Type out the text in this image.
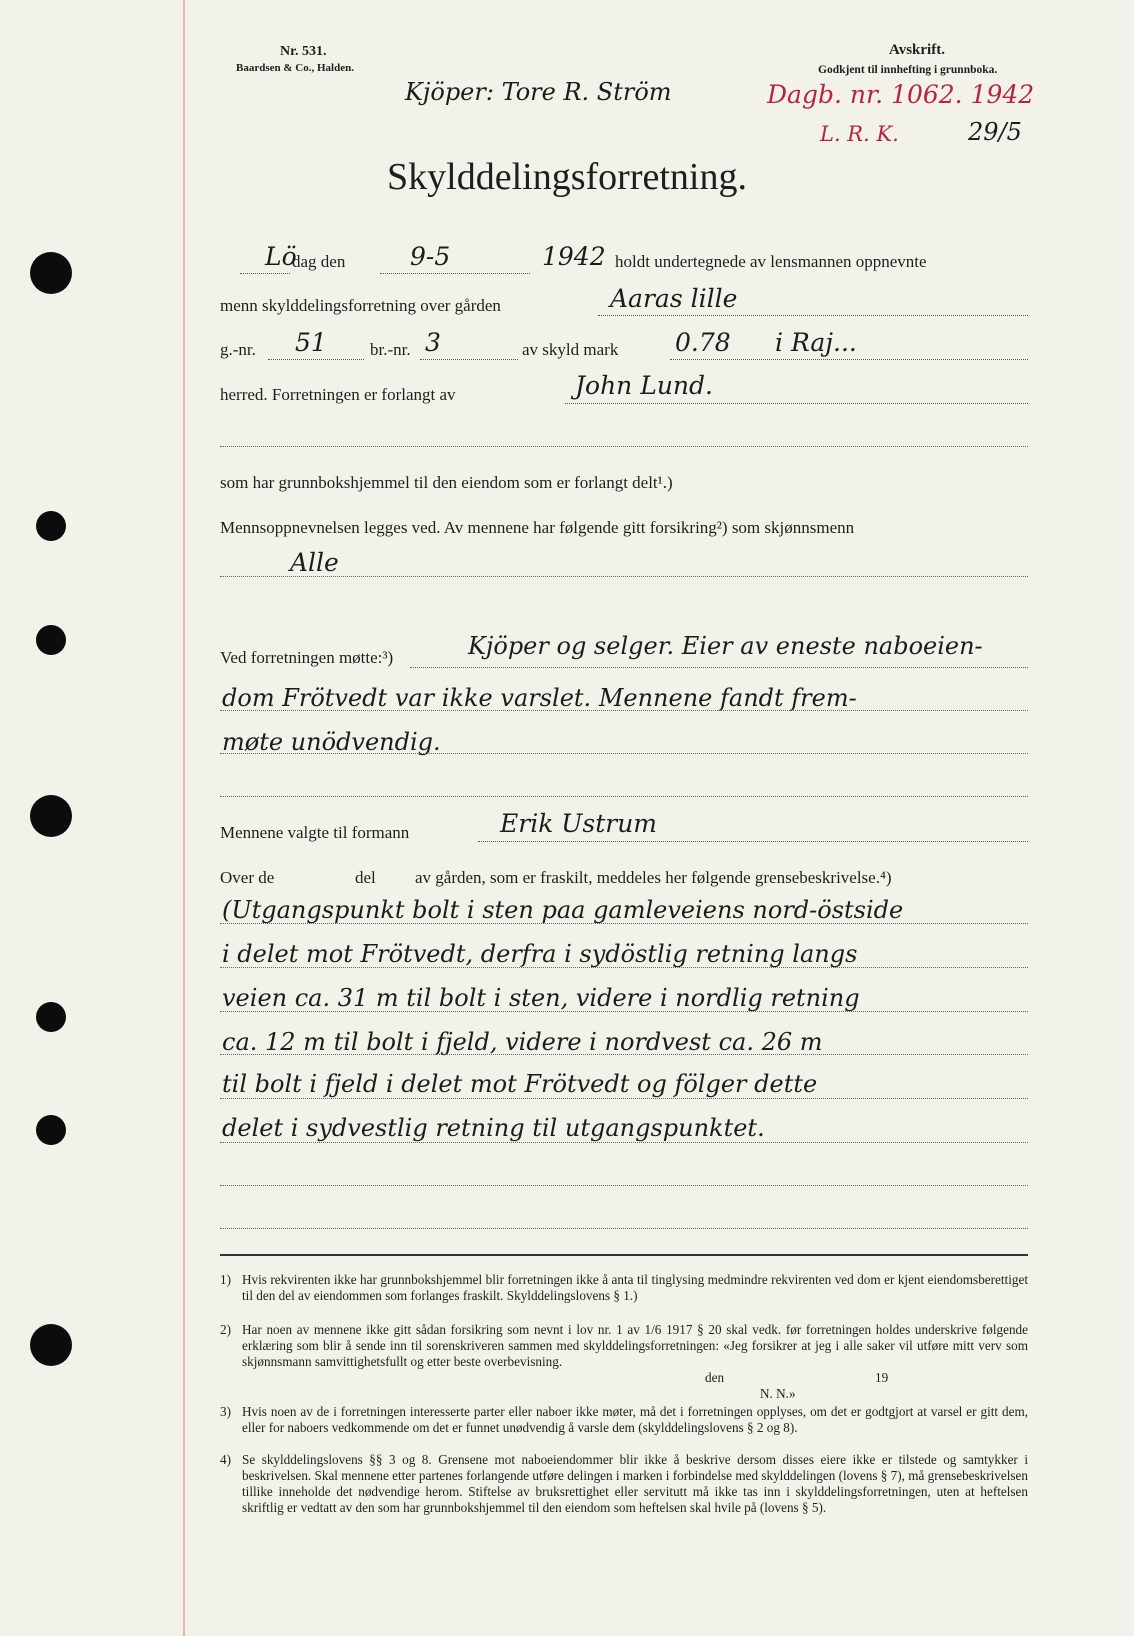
Nr. 531.
Baardsen & Co., Halden.
Avskrift.
Godkjent til innhefting i grunnboka.
Kjöper: Tore R. Ström	Dagb. nr. 1062. 1942
L. R. K.	29/5
Skylddelingsforretning.
Lö
dag den	9-5	1942 holdt undertegnede av lensmannen oppnevnte
menn skylddelingsforretning over gården	Aaras lille
g.-nr. 51	br.-nr. 3	av skyld mark 0.78 i Raj...
herred. Forretningen er forlangt av	John Lund.
som har grunnbokshjemmel til den eiendom som er forlangt delt¹.)
Mennsoppnevnelsen legges ved. Av mennene har følgende gitt forsikring²) som skjønnsmenn
Alle
Ved forretningen møtte:³)	Kjöper og selger. Eier av eneste naboeien-
dom Frötvedt var ikke varslet. Mennene fandt frem-
møte unödvendig.
Mennene valgte til formann	Erik Ustrum
Over de	del av gården, som er fraskilt, meddeles her følgende grensebeskrivelse.⁴)
(Utgangspunkt bolt i sten paa gamleveiens nord-östside
i delet mot Frötvedt, derfra i sydöstlig retning langs
veien ca. 31 m til bolt i sten, videre i nordlig retning
ca. 12 m til bolt i fjeld, videre i nordvest ca. 26 m
til bolt i fjeld i delet mot Frötvedt og fölger dette
delet i sydvestlig retning til utgangspunktet.
1) Hvis rekvirenten ikke har grunnbokshjemmel blir forretningen ikke å anta til tinglysing medmindre rekvirenten ved dom er kjent eiendomsberettiget til den del av eiendommen som forlanges fraskilt. Skylddelingslovens § 1.)
2) Har noen av mennene ikke gitt sådan forsikring som nevnt i lov nr. 1 av 1/6 1917 § 20 skal vedk. før forretningen holdes underskrive følgende erklæring som blir å sende inn til sorenskriveren sammen med skylddelingsforretningen: «Jeg forsikrer at jeg i alle saker vil utføre mitt verv som skjønnsmann samvittighetsfullt og etter beste overbevisning.
den	19
N. N.»
3) Hvis noen av de i forretningen interesserte parter eller naboer ikke møter, må det i forretningen opplyses, om det er godtgjort at varsel er gitt dem, eller for naboers vedkommende om det er funnet unødvendig å varsle dem (skylddelingslovens § 2 og 8).
4) Se skylddelingslovens §§ 3 og 8. Grensene mot naboeiendommer blir ikke å beskrive dersom disses eiere ikke er tilstede og samtykker i beskrivelsen. Skal mennene etter partenes forlangende utføre delingen i marken i forbindelse med skylddelingen (lovens § 7), må grensebeskrivelsen tillike inneholde det nødvendige herom. Stiftelse av bruksrettighet eller servitutt må ikke tas inn i skylddelingsforretningen, uten at heftelsen skriftlig er vedtatt av den som har grunnbokshjemmel til den eiendom som heftelsen skal hvile på (lovens § 5).
